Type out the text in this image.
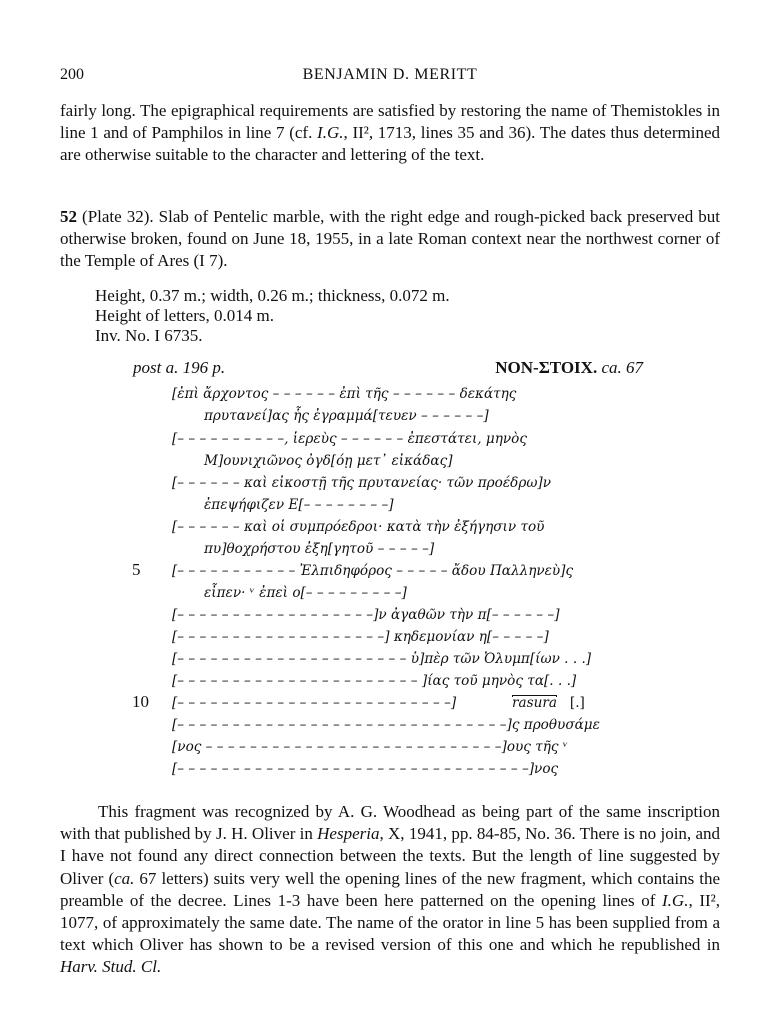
200	BENJAMIN D. MERITT

fairly long. The epigraphical requirements are satisfied by restoring the name of Themistokles in line 1 and of Pamphilos in line 7 (cf. I.G., II², 1713, lines 35 and 36). The dates thus determined are otherwise suitable to the character and lettering of the text.

52 (Plate 32). Slab of Pentelic marble, with the right edge and rough-picked back preserved but otherwise broken, found on June 18, 1955, in a late Roman context near the northwest corner of the Temple of Ares (I 7).

Height, 0.37 m.; width, 0.26 m.; thickness, 0.072 m.
Height of letters, 0.014 m.
Inv. No. I 6735.
post a. 196 p.	NON-ΣΤΟΙΧ. ca. 67
[ἐπὶ ἄρχοντος – – – – – – ἐπὶ τῆς – – – – – – δεκάτης
πρυτανεί]ας ἧς ἐγραμμά[τευεν – – – – – –]
[– – – – – – – – – –, ἱερεὺς – – – – – – ἐπεστάτει, μηνὸς
Μ]ουνιχιῶνος ὀγδ[όῃ μετ᾽ εἰκάδας]
[– – – – – – καὶ εἰκοστῇ τῆς πρυτανείας· τῶν προέδρω]ν
ἐπεψήφιζεν Ε[– – – – – – – –]
[– – – – – – καὶ οἱ συμπρόεδροι· κατὰ τὴν ἐξήγησιν τοῦ
πυ]θοχρήστου ἐξη[γητοῦ – – – – –]
5 [– – – – – – – – – – – Ἐλπιδηφόρος – – – – – ἄδου Παλληνεὺ]ς
εἶπεν· ᵛ ἐπεὶ ο[– – – – – – – – –]
[– – – – – – – – – – – – – – – – – –]ν ἀγαθῶν τὴν π[– – – – – –]
[– – – – – – – – – – – – – – – – – – –] κηδεμονίαν η[– – – – –]
[– – – – – – – – – – – – – – – – – – – – – ὑ]πὲρ τῶν Ὀλυμπ[ίων . . .]
[– – – – – – – – – – – – – – – – – – – – – – ]ίας τοῦ μηνὸς τα[. . .]
10 [– – – – – – – – – – – – – – – – – – – – – – – – –]	rasura [.]
[– – – – – – – – – – – – – – – – – – – – – – – – – – – – – –]ς προθυσάμε
[νος – – – – – – – – – – – – – – – – – – – – – – – – – – –]ους τῆς ᵛ
[– – – – – – – – – – – – – – – – – – – – – – – – – – – – – – – –]νος

This fragment was recognized by A. G. Woodhead as being part of the same inscription with that published by J. H. Oliver in Hesperia, X, 1941, pp. 84-85, No. 36. There is no join, and I have not found any direct connection between the texts. But the length of line suggested by Oliver (ca. 67 letters) suits very well the opening lines of the new fragment, which contains the preamble of the decree. Lines 1-3 have been here patterned on the opening lines of I.G., II², 1077, of approximately the same date. The name of the orator in line 5 has been supplied from a text which Oliver has shown to be a revised version of this one and which he republished in Harv. Stud. Cl.
